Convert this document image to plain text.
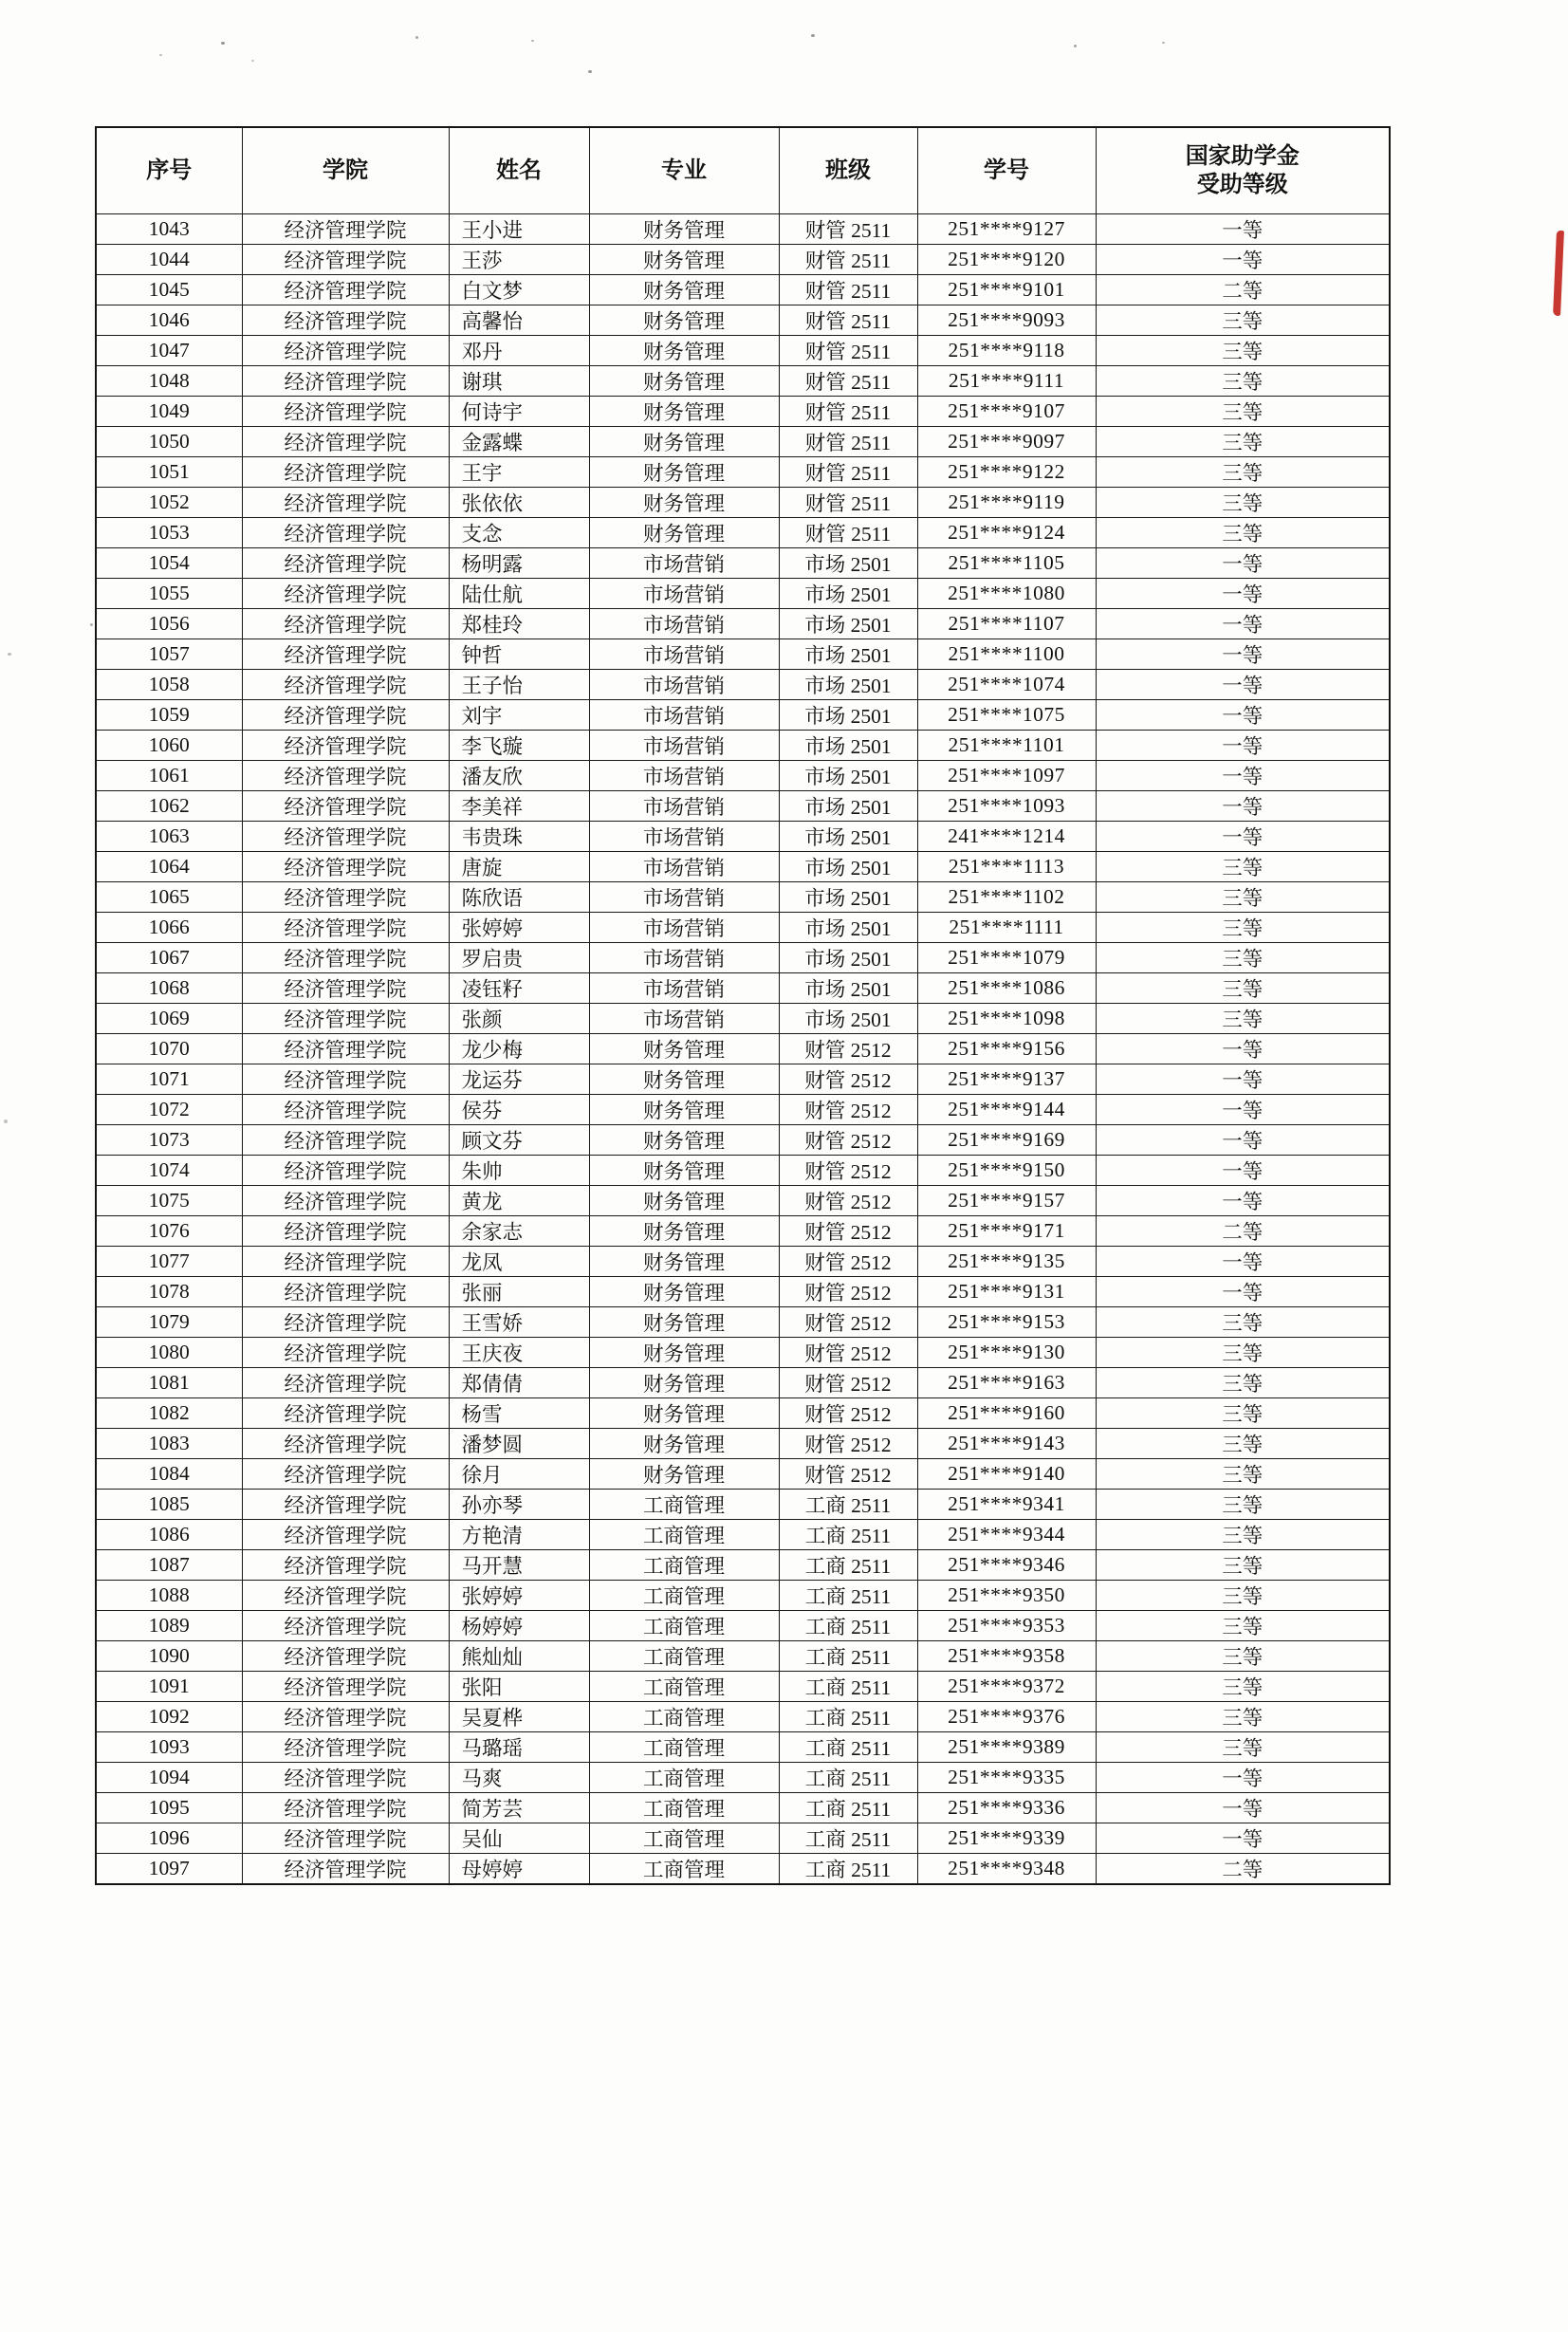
序号	学院	姓名	专业	班级	学号	国家助学金
受助等级

1043	经济管理学院	王小进	财务管理	财管 2511	251****9127	一等
1044	经济管理学院	王莎	财务管理	财管 2511	251****9120	一等
1045	经济管理学院	白文梦	财务管理	财管 2511	251****9101	二等
1046	经济管理学院	高馨怡	财务管理	财管 2511	251****9093	三等
1047	经济管理学院	邓丹	财务管理	财管 2511	251****9118	三等
1048	经济管理学院	谢琪	财务管理	财管 2511	251****9111	三等
1049	经济管理学院	何诗宇	财务管理	财管 2511	251****9107	三等
1050	经济管理学院	金露蝶	财务管理	财管 2511	251****9097	三等
1051	经济管理学院	王宇	财务管理	财管 2511	251****9122	三等
1052	经济管理学院	张依依	财务管理	财管 2511	251****9119	三等
1053	经济管理学院	支念	财务管理	财管 2511	251****9124	三等
1054	经济管理学院	杨明露	市场营销	市场 2501	251****1105	一等
1055	经济管理学院	陆仕航	市场营销	市场 2501	251****1080	一等
1056	经济管理学院	郑桂玲	市场营销	市场 2501	251****1107	一等
1057	经济管理学院	钟哲	市场营销	市场 2501	251****1100	一等
1058	经济管理学院	王子怡	市场营销	市场 2501	251****1074	一等
1059	经济管理学院	刘宇	市场营销	市场 2501	251****1075	一等
1060	经济管理学院	李飞璇	市场营销	市场 2501	251****1101	一等
1061	经济管理学院	潘友欣	市场营销	市场 2501	251****1097	一等
1062	经济管理学院	李美祥	市场营销	市场 2501	251****1093	一等
1063	经济管理学院	韦贵珠	市场营销	市场 2501	241****1214	一等
1064	经济管理学院	唐旋	市场营销	市场 2501	251****1113	三等
1065	经济管理学院	陈欣语	市场营销	市场 2501	251****1102	三等
1066	经济管理学院	张婷婷	市场营销	市场 2501	251****1111	三等
1067	经济管理学院	罗启贵	市场营销	市场 2501	251****1079	三等
1068	经济管理学院	凌钰籽	市场营销	市场 2501	251****1086	三等
1069	经济管理学院	张颜	市场营销	市场 2501	251****1098	三等
1070	经济管理学院	龙少梅	财务管理	财管 2512	251****9156	一等
1071	经济管理学院	龙运芬	财务管理	财管 2512	251****9137	一等
1072	经济管理学院	侯芬	财务管理	财管 2512	251****9144	一等
1073	经济管理学院	顾文芬	财务管理	财管 2512	251****9169	一等
1074	经济管理学院	朱帅	财务管理	财管 2512	251****9150	一等
1075	经济管理学院	黄龙	财务管理	财管 2512	251****9157	一等
1076	经济管理学院	余家志	财务管理	财管 2512	251****9171	二等
1077	经济管理学院	龙凤	财务管理	财管 2512	251****9135	一等
1078	经济管理学院	张丽	财务管理	财管 2512	251****9131	一等
1079	经济管理学院	王雪娇	财务管理	财管 2512	251****9153	三等
1080	经济管理学院	王庆夜	财务管理	财管 2512	251****9130	三等
1081	经济管理学院	郑倩倩	财务管理	财管 2512	251****9163	三等
1082	经济管理学院	杨雪	财务管理	财管 2512	251****9160	三等
1083	经济管理学院	潘梦圆	财务管理	财管 2512	251****9143	三等
1084	经济管理学院	徐月	财务管理	财管 2512	251****9140	三等
1085	经济管理学院	孙亦琴	工商管理	工商 2511	251****9341	三等
1086	经济管理学院	方艳清	工商管理	工商 2511	251****9344	三等
1087	经济管理学院	马开慧	工商管理	工商 2511	251****9346	三等
1088	经济管理学院	张婷婷	工商管理	工商 2511	251****9350	三等
1089	经济管理学院	杨婷婷	工商管理	工商 2511	251****9353	三等
1090	经济管理学院	熊灿灿	工商管理	工商 2511	251****9358	三等
1091	经济管理学院	张阳	工商管理	工商 2511	251****9372	三等
1092	经济管理学院	吴夏桦	工商管理	工商 2511	251****9376	三等
1093	经济管理学院	马璐瑶	工商管理	工商 2511	251****9389	三等
1094	经济管理学院	马爽	工商管理	工商 2511	251****9335	一等
1095	经济管理学院	简芳芸	工商管理	工商 2511	251****9336	一等
1096	经济管理学院	吴仙	工商管理	工商 2511	251****9339	一等
1097	经济管理学院	母婷婷	工商管理	工商 2511	251****9348	二等
